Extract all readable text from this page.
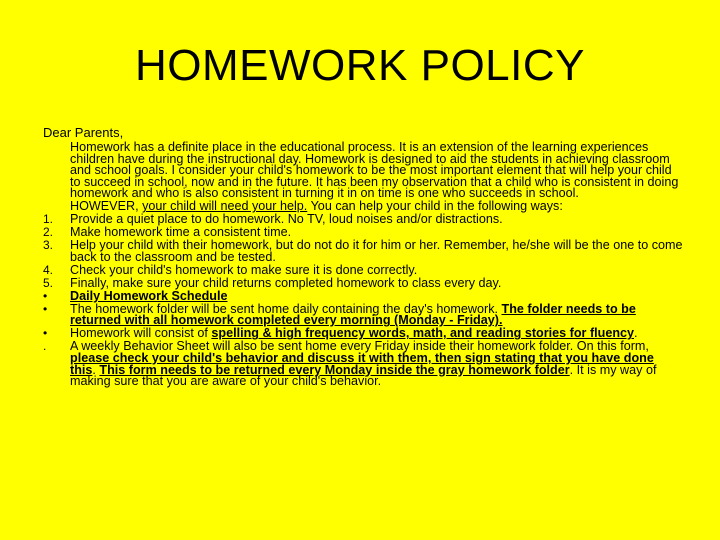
HOMEWORK POLICY
Dear Parents,
Homework has a definite place in the educational process. It is an extension of the learning experiences children have during the instructional day. Homework is designed to aid the students in achieving classroom and school goals. I consider your child's homework to be the most important element that will help your child to succeed in school, now and in the future. It has been my observation that a child who is consistent in doing homework and who is also consistent in turning it in on time is one who succeeds in school.
HOWEVER, your child will need your help. You can help your child in the following ways:
1.	Provide a quiet place to do homework. No TV, loud noises and/or distractions.
2.	Make homework time a consistent time.
3.	Help your child with their homework, but do not do it for him or her. Remember, he/she will be the one to come back to the classroom and be tested.
4.	Check your child's homework to make sure it is done correctly.
5.	Finally, make sure your child returns completed homework to class every day.
•	Daily Homework Schedule
•	The homework folder will be sent home daily containing the day's homework. The folder needs to be returned with all homework completed every morning (Monday - Friday).
•	Homework will consist of spelling & high frequency words, math, and reading stories for fluency.
.	A weekly Behavior Sheet will also be sent home every Friday inside their homework folder. On this form, please check your child's behavior and discuss it with them, then sign stating that you have done this. This form needs to be returned every Monday inside the gray homework folder. It is my way of making sure that you are aware of your child's behavior.
